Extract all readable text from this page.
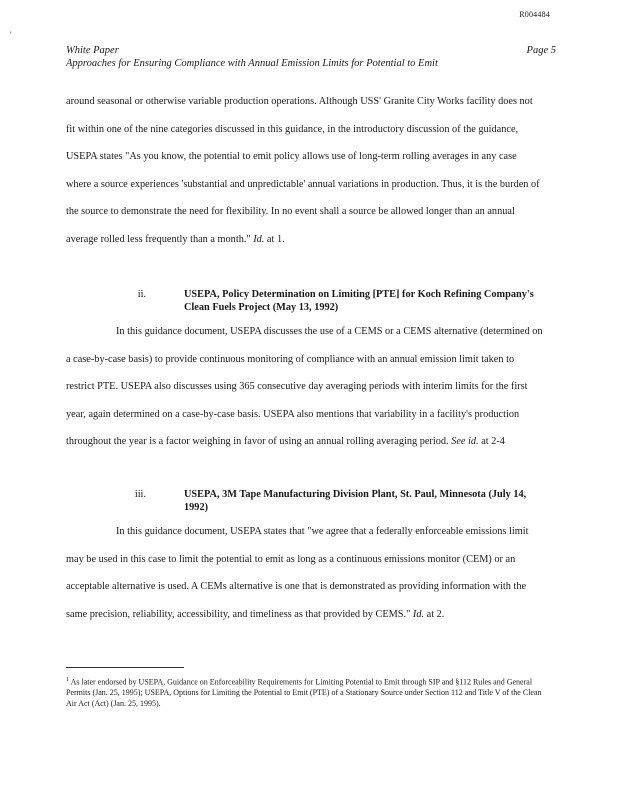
R004484
'
White Paper	Page 5
Approaches for Ensuring Compliance with Annual Emission Limits for Potential to Emit
around seasonal or otherwise variable production operations. Although USS' Granite City Works facility does not fit within one of the nine categories discussed in this guidance, in the introductory discussion of the guidance, USEPA states "As you know, the potential to emit policy allows use of long-term rolling averages in any case where a source experiences 'substantial and unpredictable' annual variations in production. Thus, it is the burden of the source to demonstrate the need for flexibility. In no event shall a source be allowed longer than an annual average rolled less frequently than a month." Id. at 1.
ii.	USEPA, Policy Determination on Limiting [PTE] for Koch Refining Company's Clean Fuels Project (May 13, 1992)
In this guidance document, USEPA discusses the use of a CEMS or a CEMS alternative (determined on a case-by-case basis) to provide continuous monitoring of compliance with an annual emission limit taken to restrict PTE. USEPA also discusses using 365 consecutive day averaging periods with interim limits for the first year, again determined on a case-by-case basis. USEPA also mentions that variability in a facility's production throughout the year is a factor weighing in favor of using an annual rolling averaging period. See id. at 2-4
iii.	USEPA, 3M Tape Manufacturing Division Plant, St. Paul, Minnesota (July 14, 1992)
In this guidance document, USEPA states that "we agree that a federally enforceable emissions limit may be used in this case to limit the potential to emit as long as a continuous emissions monitor (CEM) or an acceptable alternative is used. A CEMs alternative is one that is demonstrated as providing information with the same precision, reliability, accessibility, and timeliness as that provided by CEMS." Id. at 2.
$^1$ As later endorsed by USEPA, Guidance on Enforceability Requirements for Limiting Potential to Emit through SIP and §112 Rules and General Permits (Jan. 25, 1995); USEPA, Options for Limiting the Potential to Emit (PTE) of a Stationary Source under Section 112 and Title V of the Clean Air Act (Act) (Jan. 25, 1995).
